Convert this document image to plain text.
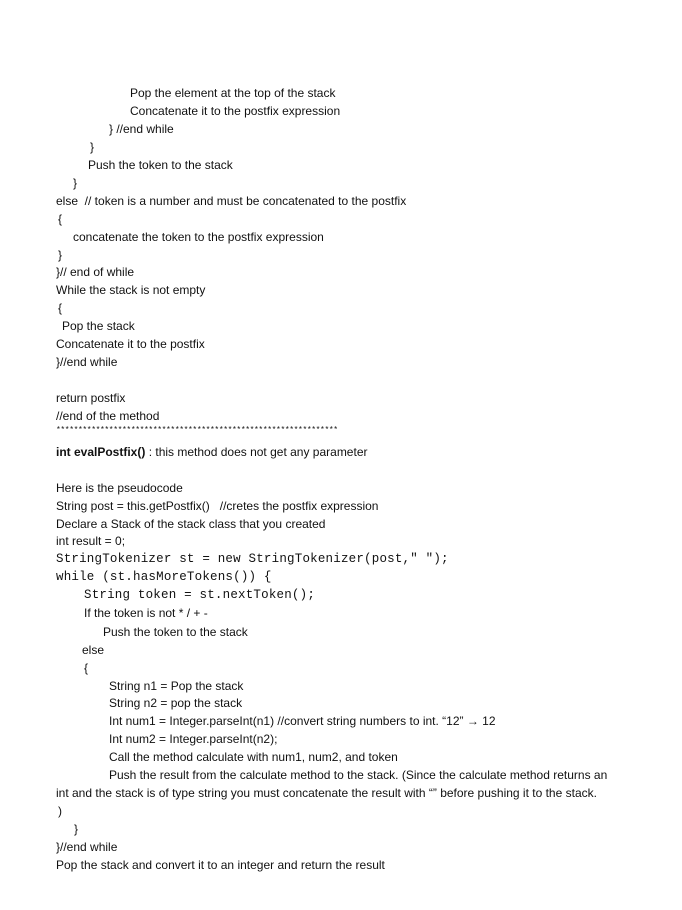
Pop the element at the top of the stack
Concatenate it to the postfix expression
} //end while
}
Push the token to the stack
}
else  // token is a number and must be concatenated to the postfix
{
concatenate the token to the postfix expression
}
}// end of while
While the stack is not empty
{
Pop the stack
Concatenate it to the postfix
}//end while
return postfix
//end of the method
****************************************************************
int evalPostfix() : this method does not get any parameter
Here is the pseudocode
String post = this.getPostfix()   //cretes the postfix expression
Declare a Stack of the stack class that you created
int result = 0;
StringTokenizer st = new StringTokenizer(post," ");
while (st.hasMoreTokens()) {
String token = st.nextToken();
If the token is not * / + -
Push the token to the stack
else
{
String n1 = Pop the stack
String n2 = pop the stack
Int num1 = Integer.parseInt(n1) //convert string numbers to int. “12” → 12
Int num2 = Integer.parseInt(n2);
Call the method calculate with num1, num2, and token
Push the result from the calculate method to the stack. (Since the calculate method returns an
int and the stack is of type string you must concatenate the result with “” before pushing it to the stack.
)
}
}//end while
Pop the stack and convert it to an integer and return the result
